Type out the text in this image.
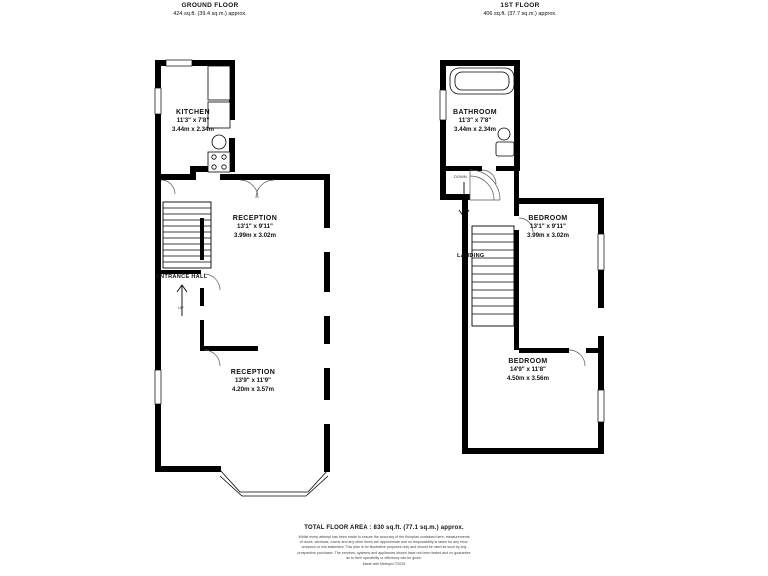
GROUND FLOOR
424 sq.ft. (39.4 sq.m.) approx.
1ST FLOOR
406 sq.ft. (37.7 sq.m.) approx.
KITCHEN
11'3" x 7'8"
3.44m x 2.34m
RECEPTION
13'1" x 9'11"
3.99m x 3.02m
RECEPTION
13'9" x 11'9"
4.20m x 3.57m
ENTRANCE HALL
UP
BATHROOM
11'3" x 7'8"
3.44m x 2.34m
BEDROOM
13'1" x 9'11"
3.99m x 3.02m
BEDROOM
14'9" x 11'8"
4.50m x 3.56m
LANDING
DOWN
TOTAL FLOOR AREA : 830 sq.ft. (77.1 sq.m.) approx.
Whilst every attempt has been made to ensure the accuracy of the floorplan contained here, measurements
of doors, windows, rooms and any other items are approximate and no responsibility is taken for any error,
omission or mis-statement. This plan is for illustrative purposes only and should be used as such by any
prospective purchaser. The services, systems and appliances shown have not been tested and no guarantee
as to their operability or efficiency can be given.
Made with Metropix ©2025
